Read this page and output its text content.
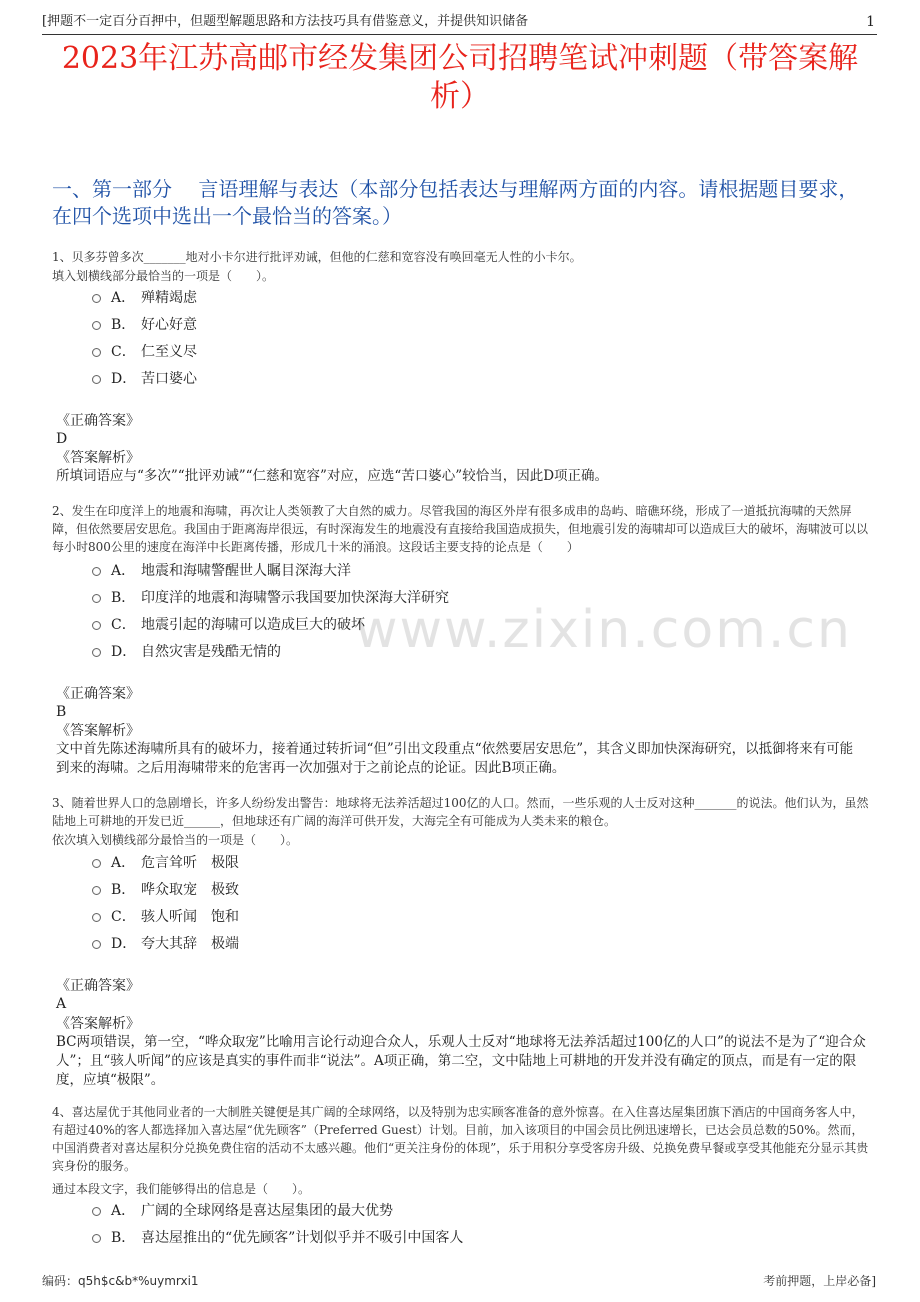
[押题不一定百分百押中，但题型解题思路和方法技巧具有借鉴意义，并提供知识储备	1
2023年江苏高邮市经发集团公司招聘笔试冲刺题（带答案解析）
一、第一部分　 言语理解与表达（本部分包括表达与理解两方面的内容。请根据题目要求，在四个选项中选出一个最恰当的答案。）
www.zixin.com.cn
1、贝多芬曾多次_______地对小卡尔进行批评劝诫，但他的仁慈和宽容没有唤回毫无人性的小卡尔。
填入划横线部分最恰当的一项是（　　）。
A． 殚精竭虑
B． 好心好意
C． 仁至义尽
D． 苦口婆心
《正确答案》
D
《答案解析》
所填词语应与“多次”“批评劝诫”“仁慈和宽容”对应，应选“苦口婆心”较恰当，因此D项正确。
2、发生在印度洋上的地震和海啸，再次让人类领教了大自然的威力。尽管我国的海区外岸有很多成串的岛屿、暗礁环绕，形成了一道抵抗海啸的天然屏障，但依然要居安思危。我国由于距离海岸很远，有时深海发生的地震没有直接给我国造成损失，但地震引发的海啸却可以造成巨大的破坏，海啸波可以以每小时800公里的速度在海洋中长距离传播，形成几十米的涌浪。这段话主要支持的论点是（　　）
A． 地震和海啸警醒世人瞩目深海大洋
B． 印度洋的地震和海啸警示我国要加快深海大洋研究
C． 地震引起的海啸可以造成巨大的破坏
D． 自然灾害是残酷无情的
《正确答案》
B
《答案解析》
文中首先陈述海啸所具有的破坏力，接着通过转折词“但”引出文段重点“依然要居安思危”，其含义即加快深海研究，以抵御将来有可能到来的海啸。之后用海啸带来的危害再一次加强对于之前论点的论证。因此B项正确。
3、随着世界人口的急剧增长，许多人纷纷发出警告：地球将无法养活超过100亿的人口。然而，一些乐观的人士反对这种_______的说法。他们认为，虽然陆地上可耕地的开发已近______，但地球还有广阔的海洋可供开发，大海完全有可能成为人类未来的粮仓。
依次填入划横线部分最恰当的一项是（　　）。
A． 危言耸听　极限
B． 哗众取宠　极致
C． 骇人听闻　饱和
D． 夸大其辞　极端
《正确答案》
A
《答案解析》
BC两项错误，第一空，“哗众取宠”比喻用言论行动迎合众人，乐观人士反对“地球将无法养活超过100亿的人口”的说法不是为了“迎合众人”；且“骇人听闻”的应该是真实的事件而非“说法”。A项正确，第二空，文中陆地上可耕地的开发并没有确定的顶点，而是有一定的限度，应填“极限”。
4、喜达屋优于其他同业者的一大制胜关键便是其广阔的全球网络，以及特别为忠实顾客准备的意外惊喜。在入住喜达屋集团旗下酒店的中国商务客人中，有超过40%的客人都选择加入喜达屋“优先顾客”（Preferred Guest）计划。目前，加入该项目的中国会员比例迅速增长，已达会员总数的50%。然而，中国消费者对喜达屋积分兑换免费住宿的活动不太感兴趣。他们“更关注身份的体现”，乐于用积分享受客房升级、兑换免费早餐或享受其他能充分显示其贵宾身份的服务。
通过本段文字，我们能够得出的信息是（　　）。
A． 广阔的全球网络是喜达屋集团的最大优势
B． 喜达屋推出的“优先顾客”计划似乎并不吸引中国客人
编码：q5h$c&b*%uymrxi1	考前押题，上岸必备]
